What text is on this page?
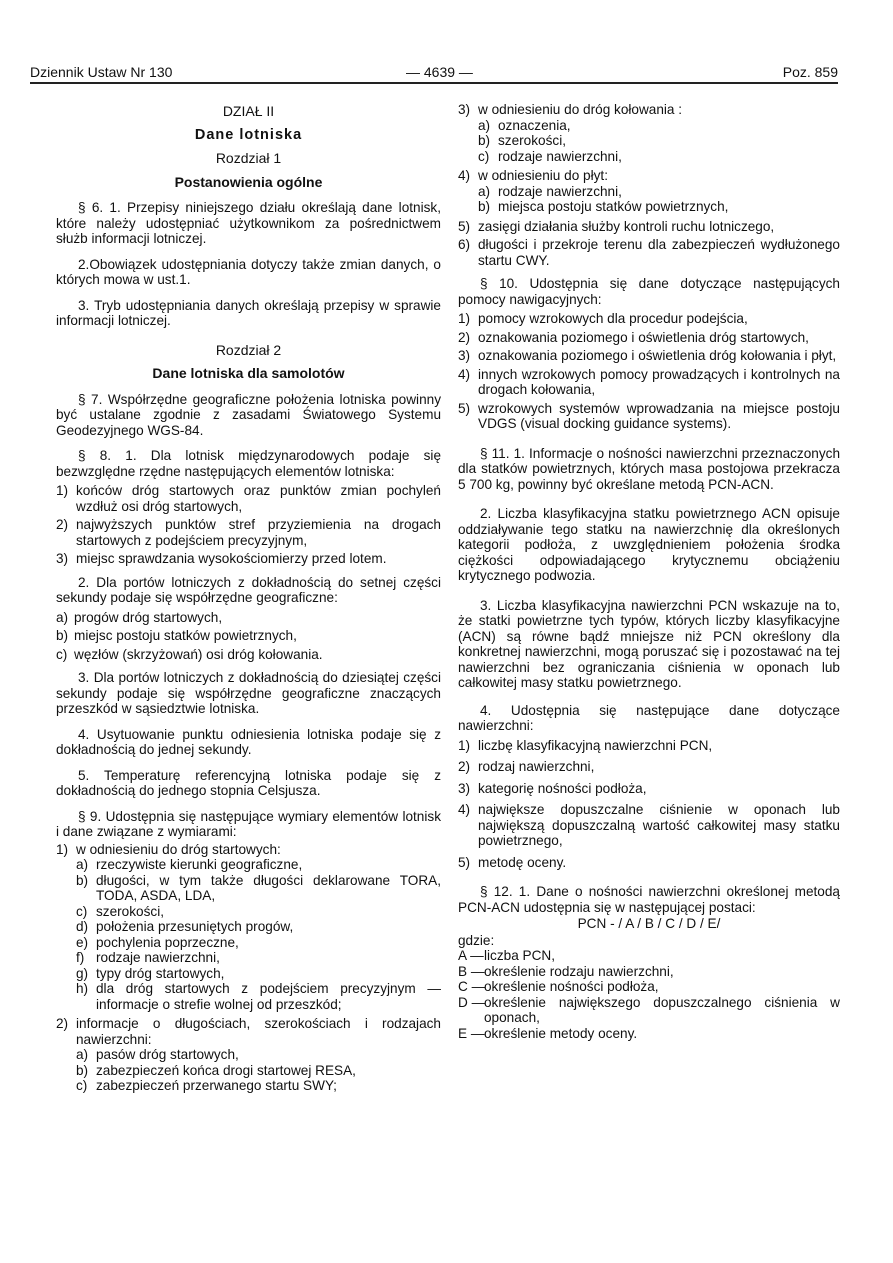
Dziennik Ustaw Nr 130	— 4639 —	Poz. 859
DZIAŁ II
Dane lotniska
Rozdział 1
Postanowienia ogólne

§ 6. 1. Przepisy niniejszego działu określają dane lotnisk, które należy udostępniać użytkownikom za pośrednictwem służb informacji lotniczej.

2.Obowiązek udostępniania dotyczy także zmian danych, o których mowa w ust.1.

3. Tryb udostępniania danych określają przepisy w sprawie informacji lotniczej.

Rozdział 2
Dane lotniska dla samolotów

§ 7. Współrzędne geograficzne położenia lotniska powinny być ustalane zgodnie z zasadami Światowego Systemu Geodezyjnego WGS-84.

§ 8. 1. Dla lotnisk międzynarodowych podaje się bezwzględne rzędne następujących elementów lotniska:

1) końców dróg startowych oraz punktów zmian pochyleń wzdłuż osi dróg startowych,
2) najwyższych punktów stref przyziemienia na drogach startowych z podejściem precyzyjnym,
3) miejsc sprawdzania wysokościomierzy przed lotem.

2. Dla portów lotniczych z dokładnością do setnej części sekundy podaje się współrzędne geograficzne:

a) progów dróg startowych,
b) miejsc postoju statków powietrznych,
c) węzłów (skrzyżowań) osi dróg kołowania.

3. Dla portów lotniczych z dokładnością do dziesiątej części sekundy podaje się współrzędne geograficzne znaczących przeszkód w sąsiedztwie lotniska.

4. Usytuowanie punktu odniesienia lotniska podaje się z dokładnością do jednej sekundy.

5. Temperaturę referencyjną lotniska podaje się z dokładnością do jednego stopnia Celsjusza.

§ 9. Udostępnia się następujące wymiary elementów lotnisk i dane związane z wymiarami:

1) w odniesieniu do dróg startowych:
a) rzeczywiste kierunki geograficzne,
b) długości, w tym także długości deklarowane TORA, TODA, ASDA, LDA,
c) szerokości,
d) położenia przesuniętych progów,
e) pochylenia poprzeczne,
f) rodzaje nawierzchni,
g) typy dróg startowych,
h) dla dróg startowych z podejściem precyzyjnym — informacje o strefie wolnej od przeszkód;
2) informacje o długościach, szerokościach i rodzajach nawierzchni:
a) pasów dróg startowych,
b) zabezpieczeń końca drogi startowej RESA,
c) zabezpieczeń przerwanego startu SWY;
3) w odniesieniu do dróg kołowania :
a) oznaczenia,
b) szerokości,
c) rodzaje nawierzchni,
4) w odniesieniu do płyt:
a) rodzaje nawierzchni,
b) miejsca postoju statków powietrznych,
5) zasięgi działania służby kontroli ruchu lotniczego,
6) długości i przekroje terenu dla zabezpieczeń wydłużonego startu CWY.

§ 10. Udostępnia się dane dotyczące następujących pomocy nawigacyjnych:

1) pomocy wzrokowych dla procedur podejścia,
2) oznakowania poziomego i oświetlenia dróg startowych,
3) oznakowania poziomego i oświetlenia dróg kołowania i płyt,
4) innych wzrokowych pomocy prowadzących i kontrolnych na drogach kołowania,
5) wzrokowych systemów wprowadzania na miejsce postoju VDGS (visual docking guidance systems).

§ 11. 1. Informacje o nośności nawierzchni przeznaczonych dla statków powietrznych, których masa postojowa przekracza 5 700 kg, powinny być określane metodą PCN-ACN.

2. Liczba klasyfikacyjna statku powietrznego ACN opisuje oddziaływanie tego statku na nawierzchnię dla określonych kategorii podłoża, z uwzględnieniem położenia środka ciężkości odpowiadającego krytycznemu obciążeniu krytycznego podwozia.

3. Liczba klasyfikacyjna nawierzchni PCN wskazuje na to, że statki powietrzne tych typów, których liczby klasyfikacyjne (ACN) są równe bądź mniejsze niż PCN określony dla konkretnej nawierzchni, mogą poruszać się i pozostawać na tej nawierzchni bez ograniczania ciśnienia w oponach lub całkowitej masy statku powietrznego.

4. Udostępnia się następujące dane dotyczące nawierzchni:

1) liczbę klasyfikacyjną nawierzchni PCN,
2) rodzaj nawierzchni,
3) kategorię nośności podłoża,
4) największe dopuszczalne ciśnienie w oponach lub największą dopuszczalną wartość całkowitej masy statku powietrznego,
5) metodę oceny.

§ 12. 1. Dane o nośności nawierzchni określonej metodą PCN-ACN udostępnia się w następującej postaci:

PCN - / A / B / C / D / E/
gdzie:
A — liczba PCN,
B — określenie rodzaju nawierzchni,
C —
określenie nośności podłoża,
D —
określenie największego dopuszczalnego ciśnienia w oponach,
E — określenie metody oceny.
